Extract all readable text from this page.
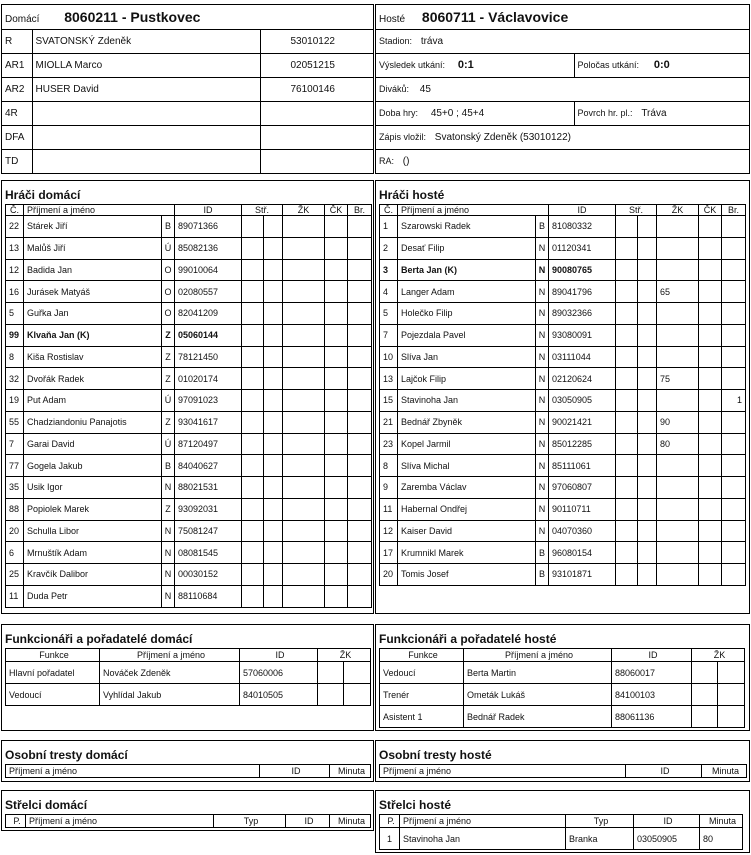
Domácí 8060211 - Pustkovec		
R	SVATONSKÝ Zdeněk	53010122
AR1	MIOLLA Marco	02051215
AR2	HUSER David	76100146
4R		
DFA		
TD		
Hosté 8060711 - Václavovice	
Stadion: tráva	
Výsledek utkání: 0:1	Poločas utkání: 0:0
Diváků: 45	
Doba hry: 45+0 ; 45+4	Povrch hr. pl.: Tráva
Zápis vložil: Svatonský Zdeněk (53010122)	
RA: ()	
Hráči domácí
Č.	Příjmení a jméno		ID	Stř.		ŽK	ČK	Br.
22	Stárek Jiří	B	89071366					
13	Malůš Jiří	Ú	85082136					
12	Badida Jan	O	99010064					
16	Jurásek Matyáš	O	02080557					
5	Guřka Jan	O	82041209					
99	Klvaňa Jan (K)	Z	05060144					
8	Kiša Rostislav	Z	78121450					
32	Dvořák Radek	Z	01020174					
19	Put Adam	Ú	97091023					
55	Chadziandoniu Panajotis	Z	93041617					
7	Garai David	Ú	87120497					
77	Gogela Jakub	B	84040627					
35	Usik Igor	N	88021531					
88	Popiolek Marek	Z	93092031					
20	Schulla Libor	N	75081247					
6	Mrnuštík Adam	N	08081545					
25	Kravčík Dalibor	N	00030152					
11	Duda Petr	N	88110684					
Hráči hosté
Č.	Příjmení a jméno		ID	Stř.		ŽK	ČK	Br.
1	Szarowski Radek	B	81080332					
2	Desať Filip	N	01120341					
3	Berta Jan (K)	N	90080765					
4	Langer Adam	N	89041796			65		
5	Holečko Filip	N	89032366					
7	Pojezdala Pavel	N	93080091					
10	Slíva Jan	N	03111044					
13	Lajčok Filip	N	02120624			75		
15	Stavinoha Jan	N	03050905					1
21	Bednář Zbyněk	N	90021421			90		
23	Kopel Jarmil	N	85012285			80		
8	Slíva Michal	N	85111061					
9	Zaremba Václav	N	97060807					
11	Habernal Ondřej	N	90110711					
12	Kaiser David	N	04070360					
17	Krumnikl Marek	B	96080154					
20	Tomis Josef	B	93101871					
Funkcionáři a pořadatelé domácí
Funkce	Příjmení a jméno	ID	ŽK	
Hlavní pořadatel	Nováček Zdeněk	57060006		
Vedoucí	Vyhlídal Jakub	84010505		
Funkcionáři a pořadatelé hosté
Funkce	Příjmení a jméno	ID	ŽK	
Vedoucí	Berta Martin	88060017		
Trenér	Ometák Lukáš	84100103		
Asistent 1	Bednář Radek	88061136		
Osobní tresty domácí
Příjmení a jméno	ID	Minuta
Osobní tresty hosté
Příjmení a jméno	ID	Minuta
Střelci domácí
P.	Příjmení a jméno	Typ	ID	Minuta
Střelci hosté
P.	Příjmení a jméno	Typ	ID	Minuta
1	Stavinoha Jan	Branka	03050905	80
